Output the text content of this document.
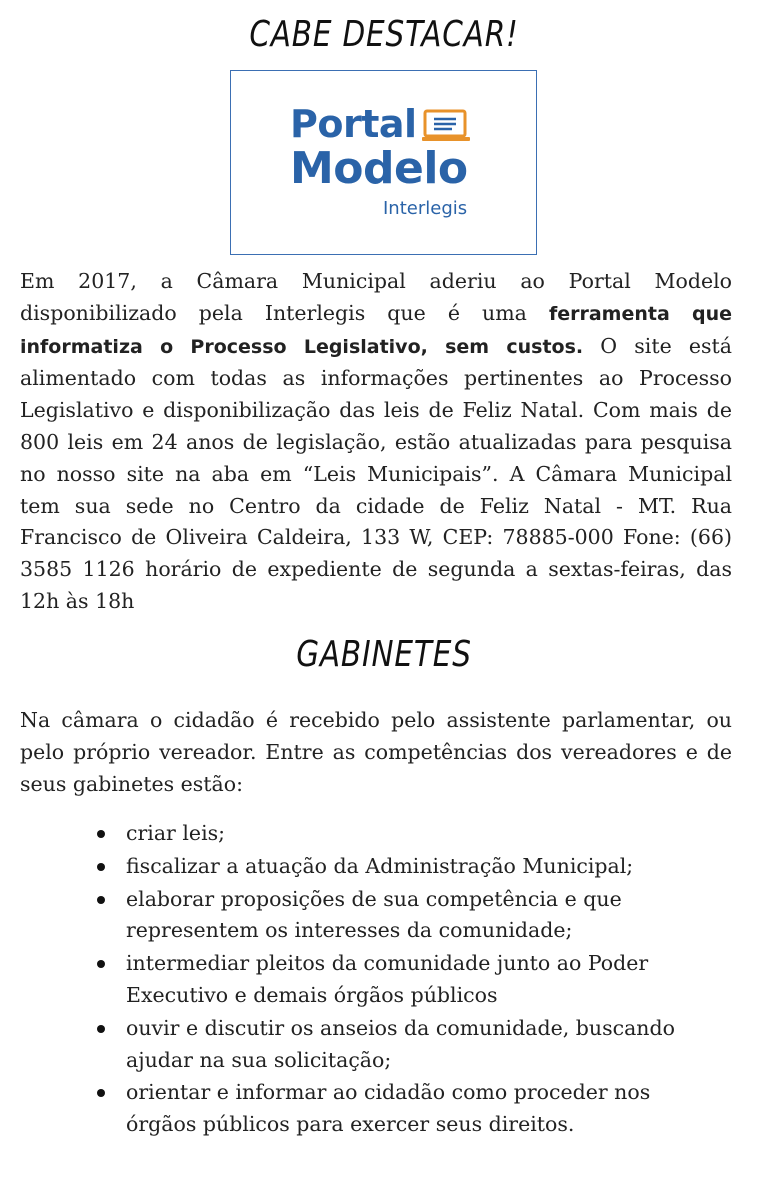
CABE DESTACAR!
Portal
Modelo
Interlegis

Em 2017, a Câmara Municipal aderiu ao Portal Modelo disponibilizado pela Interlegis que é uma ferramenta que informatiza o Processo Legislativo, sem custos. O site está alimentado com todas as informações pertinentes ao Processo Legislativo e disponibilização das leis de Feliz Natal. Com mais de 800 leis em 24 anos de legislação, estão atualizadas para pesquisa no nosso site na aba em “Leis Municipais”. A Câmara Municipal tem sua sede no Centro da cidade de Feliz Natal - MT. Rua Francisco de Oliveira Caldeira, 133 W, CEP: 78885-000 Fone: (66) 3585 1126 horário de expediente de segunda a sextas-feiras, das 12h às 18h

GABINETES

Na câmara o cidadão é recebido pelo assistente parlamentar, ou pelo próprio vereador. Entre as competências dos vereadores e de seus gabinetes estão:

criar leis;
fiscalizar a atuação da Administração Municipal;
elaborar proposições de sua competência e que representem os interesses da comunidade;
intermediar pleitos da comunidade junto ao Poder Executivo e demais órgãos públicos
ouvir e discutir os anseios da comunidade, buscando ajudar na sua solicitação;
orientar e informar ao cidadão como proceder nos órgãos públicos para exercer seus direitos.
